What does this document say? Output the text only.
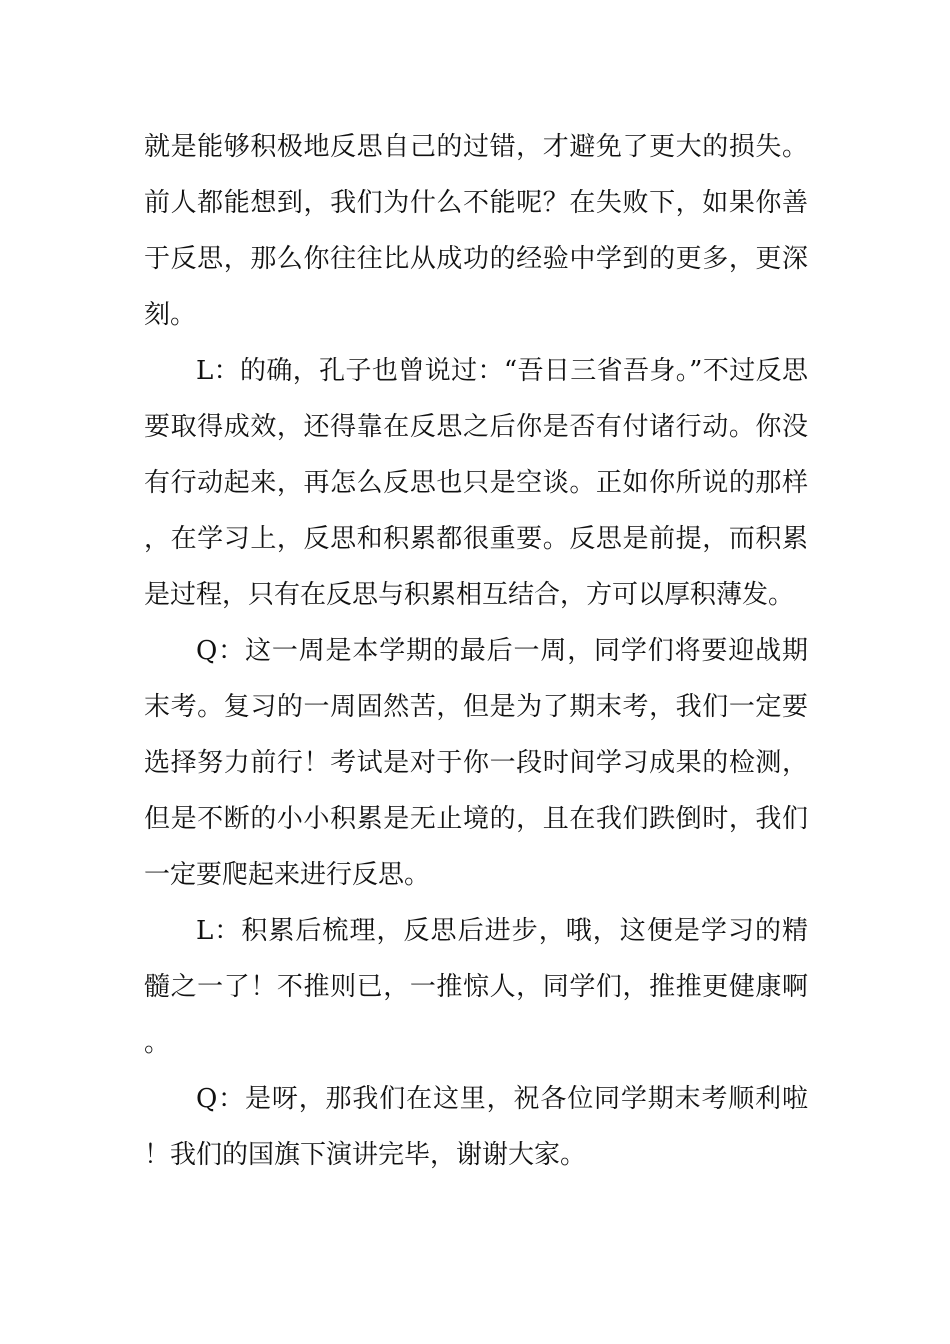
就是能够积极地反思自己的过错，才避免了更大的损失。前人都能想到，我们为什么不能呢？在失败下，如果你善于反思，那么你往往比从成功的经验中学到的更多，更深刻。

L：的确，孔子也曾说过：“吾日三省吾身。”不过反思要取得成效，还得靠在反思之后你是否有付诸行动。你没有行动起来，再怎么反思也只是空谈。正如你所说的那样，在学习上，反思和积累都很重要。反思是前提，而积累是过程，只有在反思与积累相互结合，方可以厚积薄发。

Q：这一周是本学期的最后一周，同学们将要迎战期末考。复习的一周固然苦，但是为了期末考，我们一定要选择努力前行！考试是对于你一段时间学习成果的检测，但是不断的小小积累是无止境的，且在我们跌倒时，我们一定要爬起来进行反思。

L：积累后梳理，反思后进步，哦，这便是学习的精髓之一了！不推则已，一推惊人，同学们，推推更健康啊。

Q：是呀，那我们在这里，祝各位同学期末考顺利啦！我们的国旗下演讲完毕，谢谢大家。
